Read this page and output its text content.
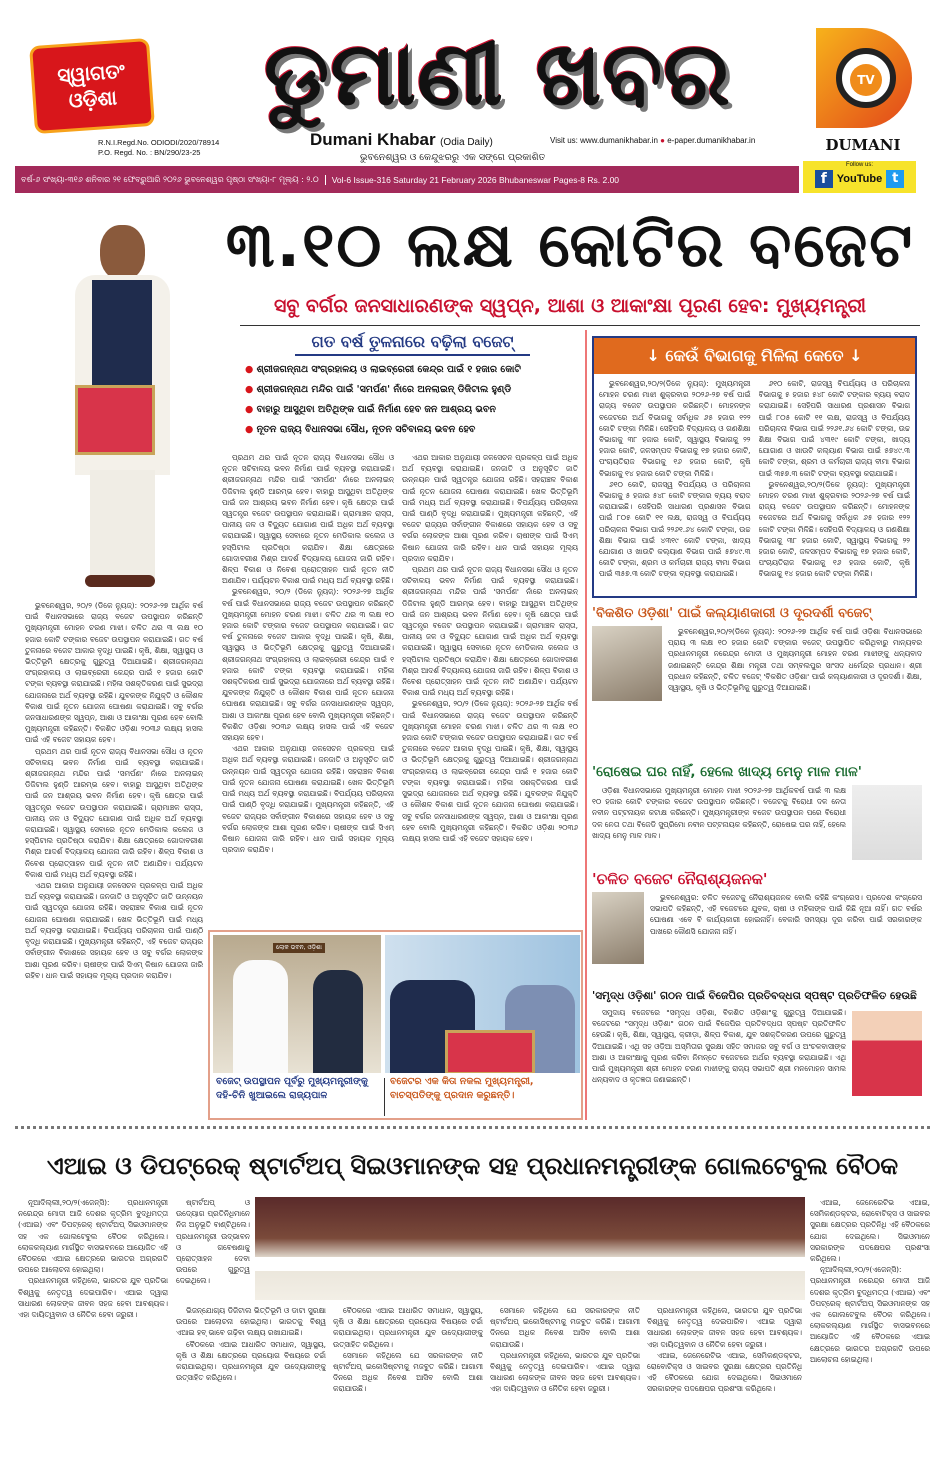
ସ୍ୱାଗତଂ ଓଡ଼ିଶା ଡୁମାଣୀ ଖବର
R.N.I.Regd.No. ODIODI/2020/78914
P.O. Regd. No. : BN/290/23-25
Dumani Khabar (Odia Daily)	Visit us: www.dumanikhabar.in ● e-paper.dumanikhabar.in
ଭୁବନେଶ୍ୱର ଓ କେନ୍ଦୁଝରରୁ ଏକ ସଙ୍ଗେ ପ୍ରକାଶିତ
TV
DUMANI
ବର୍ଷ-୬ ସଂଖ୍ୟା-୩୧୬ ଶନିବାର ୨୧ ଫେବ୍ରୁଆରି ୨୦୨୬ ଭୁବନେଶ୍ୱର ପୃଷ୍ଠା ସଂଖ୍ୟା-୮ ମୂଲ୍ୟ : ୨.୦	Vol-6 Issue-316 Saturday 21 February 2026 Bhubaneswar Pages-8 Rs. 2.00
Follow us:
f YouTube t
୩.୧୦ ଲକ୍ଷ କୋଟିର ବଜେଟ
ସବୁ ବର୍ଗର ଜନସାଧାରଣଙ୍କ ସ୍ୱପ୍ନ, ଆଶା ଓ ଆକାଂକ୍ଷା ପୂରଣ ହେବ: ମୁଖ୍ୟମନ୍ତ୍ରୀ
ଗତ ବର୍ଷ ତୁଳନାରେ ବଢ଼ିଲା ବଜେଟ୍
● ଶ୍ରୀଜଗନ୍ନାଥ ସଂଗ୍ରହାଳୟ ଓ ଲାଇବ୍ରେରୀ କେନ୍ଦ୍ର ପାଇଁ ୧ ହଜାର କୋଟି
● ଶ୍ରୀଜଗନ୍ନାଥ ମନ୍ଦିର ପାଇଁ 'ସମର୍ପଣ' ନାଁରେ ଅନଲାଇନ୍ ଡିଜିଟାଲ ହୁଣ୍ଡି
● ବାହାରୁ ଆସୁଥିବା ଅତିଥିଙ୍କ ପାଇଁ ନିର୍ମାଣ ହେବ ଜନ ଆଶ୍ରୟ ଭବନ
● ନୂତନ ରାଜ୍ୟ ବିଧାନସଭା ସୌଧ, ନୂତନ ସଚିବାଳୟ ଭବନ ହେବ

ଭୁବନେଶ୍ୱର, ୨୦/୨ (ଡିକେ ନ୍ୟୁଜ୍): ୨୦୨୬-୨୭ ଆର୍ଥିକ ବର୍ଷ ପାଇଁ ବିଧାନସଭାରେ ରାଜ୍ୟ ବଜେଟ ଉପସ୍ଥାପନ କରିଛନ୍ତି ମୁଖ୍ୟମନ୍ତ୍ରୀ ମୋହନ ଚରଣ ମାଝୀ। ଚଳିତ ଥର ୩ ଲକ୍ଷ ୧୦ ହଜାର କୋଟି ଟଙ୍କାର ବଜେଟ ଉପସ୍ଥାପନ କରାଯାଇଛି। ଗତ ବର୍ଷ ତୁଳନାରେ ବଜେଟ ଆକାର ବୃଦ୍ଧି ପାଇଛି। କୃଷି, ଶିକ୍ଷା, ସ୍ୱାସ୍ଥ୍ୟ ଓ ଭିତ୍ତିଭୂମି କ୍ଷେତ୍ରକୁ ଗୁରୁତ୍ୱ ଦିଆଯାଇଛି। ଶ୍ରୀଜଗନ୍ନାଥ ସଂଗ୍ରହାଳୟ ଓ ଲାଇବ୍ରେରୀ କେନ୍ଦ୍ର ପାଇଁ ୧ ହଜାର କୋଟି ଟଙ୍କା ବ୍ୟବସ୍ଥା କରାଯାଇଛି। ମହିଳା ସଶକ୍ତିକରଣ ପାଇଁ ସୁଭଦ୍ରା ଯୋଜନାରେ ଅର୍ଥ ବ୍ୟବସ୍ଥା ରହିଛି। ଯୁବକଙ୍କ ନିଯୁକ୍ତି ଓ କୌଶଳ ବିକାଶ ପାଇଁ ନୂତନ ଯୋଜନା ଘୋଷଣା କରାଯାଇଛି। ସବୁ ବର୍ଗର ଜନସାଧାରଣଙ୍କ ସ୍ୱପ୍ନ, ଆଶା ଓ ଆକାଂକ୍ଷା ପୂରଣ ହେବ ବୋଲି ମୁଖ୍ୟମନ୍ତ୍ରୀ କହିଛନ୍ତି। ବିକଶିତ ଓଡ଼ିଶା ୨୦୩୬ ଲକ୍ଷ୍ୟ ହାସଲ ପାଇଁ ଏହି ବଜେଟ ସହାୟକ ହେବ।

ପ୍ରଥମ ଥର ପାଇଁ ନୂତନ ରାଜ୍ୟ ବିଧାନସଭା ସୌଧ ଓ ନୂତନ ସଚିବାଳୟ ଭବନ ନିର୍ମାଣ ପାଇଁ ବ୍ୟବସ୍ଥା କରାଯାଇଛି। ଶ୍ରୀଜଗନ୍ନାଥ ମନ୍ଦିର ପାଇଁ 'ସମର୍ପଣ' ନାଁରେ ଅନଲାଇନ୍ ଡିଜିଟାଲ ହୁଣ୍ଡି ଆରମ୍ଭ ହେବ। ବାହାରୁ ଆସୁଥିବା ଅତିଥିଙ୍କ ପାଇଁ ଜନ ଆଶ୍ରୟ ଭବନ ନିର୍ମାଣ ହେବ। କୃଷି କ୍ଷେତ୍ର ପାଇଁ ସ୍ୱତନ୍ତ୍ର ବଜେଟ ଉପସ୍ଥାପନ କରାଯାଇଛି। ଗ୍ରାମାଞ୍ଚଳ ରାସ୍ତା, ପାନୀୟ ଜଳ ଓ ବିଦ୍ୟୁତ ଯୋଗାଣ ପାଇଁ ଅଧିକ ଅର୍ଥ ବ୍ୟବସ୍ଥା କରାଯାଇଛି। ସ୍ୱାସ୍ଥ୍ୟ ସେବାରେ ନୂତନ ମେଡିକାଲ କଲେଜ ଓ ହସ୍ପିଟାଲ ପ୍ରତିଷ୍ଠା କରାଯିବ। ଶିକ୍ଷା କ୍ଷେତ୍ରରେ ଗୋଦାବରୀଶ ମିଶ୍ର ଆଦର୍ଶ ବିଦ୍ୟାଳୟ ଯୋଜନା ଜାରି ରହିବ। ଶିଳ୍ପ ବିକାଶ ଓ ନିବେଶ ପ୍ରୋତ୍ସାହନ ପାଇଁ ନୂତନ ନୀତି ଅଣାଯିବ। ପର୍ଯ୍ୟଟନ ବିକାଶ ପାଇଁ ମଧ୍ୟ ଅର୍ଥ ବ୍ୟବସ୍ଥା ରହିଛି।

ଏଥର ଆକାର ଅନୁଯାୟୀ ଜଳସେଚନ ପ୍ରକଳ୍ପ ପାଇଁ ଅଧିକ ଅର୍ଥ ବ୍ୟବସ୍ଥା କରାଯାଇଛି। ଜନଜାତି ଓ ଅନୁସୂଚିତ ଜାତି ଉନ୍ନୟନ ପାଇଁ ସ୍ୱତନ୍ତ୍ର ଯୋଜନା ରହିଛି। ସହରାଞ୍ଚଳ ବିକାଶ ପାଇଁ ନୂତନ ଯୋଜନା ଘୋଷଣା କରାଯାଇଛି। ଖେଳ ଭିତ୍ତିଭୂମି ପାଇଁ ମଧ୍ୟ ଅର୍ଥ ବ୍ୟବସ୍ଥା କରାଯାଇଛି। ବିପର୍ଯ୍ୟୟ ପରିଚାଳନା ପାଇଁ ପାଣ୍ଠି ବୃଦ୍ଧି କରାଯାଇଛି। ମୁଖ୍ୟମନ୍ତ୍ରୀ କହିଛନ୍ତି, ଏହି ବଜେଟ ରାଜ୍ୟର ସର୍ବାଙ୍ଗୀନ ବିକାଶରେ ସହାୟକ ହେବ ଓ ସବୁ ବର୍ଗର ଲୋକଙ୍କ ଆଶା ପୂରଣ କରିବ। ଚାଷୀଙ୍କ ପାଇଁ ସିଏମ୍ କିଷାନ ଯୋଜନା ଜାରି ରହିବ। ଧାନ ପାଇଁ ସହାୟକ ମୂଲ୍ୟ ପ୍ରଦାନ କରାଯିବ।

ପ୍ରଥମ ଥର ପାଇଁ ନୂତନ ରାଜ୍ୟ ବିଧାନସଭା ସୌଧ ଓ ନୂତନ ସଚିବାଳୟ ଭବନ ନିର୍ମାଣ ପାଇଁ ବ୍ୟବସ୍ଥା କରାଯାଇଛି। ଶ୍ରୀଜଗନ୍ନାଥ ମନ୍ଦିର ପାଇଁ 'ସମର୍ପଣ' ନାଁରେ ଅନଲାଇନ୍ ଡିଜିଟାଲ ହୁଣ୍ଡି ଆରମ୍ଭ ହେବ। ବାହାରୁ ଆସୁଥିବା ଅତିଥିଙ୍କ ପାଇଁ ଜନ ଆଶ୍ରୟ ଭବନ ନିର୍ମାଣ ହେବ। କୃଷି କ୍ଷେତ୍ର ପାଇଁ ସ୍ୱତନ୍ତ୍ର ବଜେଟ ଉପସ୍ଥାପନ କରାଯାଇଛି। ଗ୍ରାମାଞ୍ଚଳ ରାସ୍ତା, ପାନୀୟ ଜଳ ଓ ବିଦ୍ୟୁତ ଯୋଗାଣ ପାଇଁ ଅଧିକ ଅର୍ଥ ବ୍ୟବସ୍ଥା କରାଯାଇଛି। ସ୍ୱାସ୍ଥ୍ୟ ସେବାରେ ନୂତନ ମେଡିକାଲ କଲେଜ ଓ ହସ୍ପିଟାଲ ପ୍ରତିଷ୍ଠା କରାଯିବ। ଶିକ୍ଷା କ୍ଷେତ୍ରରେ ଗୋଦାବରୀଶ ମିଶ୍ର ଆଦର୍ଶ ବିଦ୍ୟାଳୟ ଯୋଜନା ଜାରି ରହିବ। ଶିଳ୍ପ ବିକାଶ ଓ ନିବେଶ ପ୍ରୋତ୍ସାହନ ପାଇଁ ନୂତନ ନୀତି ଅଣାଯିବ। ପର୍ଯ୍ୟଟନ ବିକାଶ ପାଇଁ ମଧ୍ୟ ଅର୍ଥ ବ୍ୟବସ୍ଥା ରହିଛି।

ଭୁବନେଶ୍ୱର, ୨୦/୨ (ଡିକେ ନ୍ୟୁଜ୍): ୨୦୨୬-୨୭ ଆର୍ଥିକ ବର୍ଷ ପାଇଁ ବିଧାନସଭାରେ ରାଜ୍ୟ ବଜେଟ ଉପସ୍ଥାପନ କରିଛନ୍ତି ମୁଖ୍ୟମନ୍ତ୍ରୀ ମୋହନ ଚରଣ ମାଝୀ। ଚଳିତ ଥର ୩ ଲକ୍ଷ ୧୦ ହଜାର କୋଟି ଟଙ୍କାର ବଜେଟ ଉପସ୍ଥାପନ କରାଯାଇଛି। ଗତ ବର୍ଷ ତୁଳନାରେ ବଜେଟ ଆକାର ବୃଦ୍ଧି ପାଇଛି। କୃଷି, ଶିକ୍ଷା, ସ୍ୱାସ୍ଥ୍ୟ ଓ ଭିତ୍ତିଭୂମି କ୍ଷେତ୍ରକୁ ଗୁରୁତ୍ୱ ଦିଆଯାଇଛି। ଶ୍ରୀଜଗନ୍ନାଥ ସଂଗ୍ରହାଳୟ ଓ ଲାଇବ୍ରେରୀ କେନ୍ଦ୍ର ପାଇଁ ୧ ହଜାର କୋଟି ଟଙ୍କା ବ୍ୟବସ୍ଥା କରାଯାଇଛି। ମହିଳା ସଶକ୍ତିକରଣ ପାଇଁ ସୁଭଦ୍ରା ଯୋଜନାରେ ଅର୍ଥ ବ୍ୟବସ୍ଥା ରହିଛି। ଯୁବକଙ୍କ ନିଯୁକ୍ତି ଓ କୌଶଳ ବିକାଶ ପାଇଁ ନୂତନ ଯୋଜନା ଘୋଷଣା କରାଯାଇଛି। ସବୁ ବର୍ଗର ଜନସାଧାରଣଙ୍କ ସ୍ୱପ୍ନ, ଆଶା ଓ ଆକାଂକ୍ଷା ପୂରଣ ହେବ ବୋଲି ମୁଖ୍ୟମନ୍ତ୍ରୀ କହିଛନ୍ତି। ବିକଶିତ ଓଡ଼ିଶା ୨୦୩୬ ଲକ୍ଷ୍ୟ ହାସଲ ପାଇଁ ଏହି ବଜେଟ ସହାୟକ ହେବ।

ଏଥର ଆକାର ଅନୁଯାୟୀ ଜଳସେଚନ ପ୍ରକଳ୍ପ ପାଇଁ ଅଧିକ ଅର୍ଥ ବ୍ୟବସ୍ଥା କରାଯାଇଛି। ଜନଜାତି ଓ ଅନୁସୂଚିତ ଜାତି ଉନ୍ନୟନ ପାଇଁ ସ୍ୱତନ୍ତ୍ର ଯୋଜନା ରହିଛି। ସହରାଞ୍ଚଳ ବିକାଶ ପାଇଁ ନୂତନ ଯୋଜନା ଘୋଷଣା କରାଯାଇଛି। ଖେଳ ଭିତ୍ତିଭୂମି ପାଇଁ ମଧ୍ୟ ଅର୍ଥ ବ୍ୟବସ୍ଥା କରାଯାଇଛି। ବିପର୍ଯ୍ୟୟ ପରିଚାଳନା ପାଇଁ ପାଣ୍ଠି ବୃଦ୍ଧି କରାଯାଇଛି। ମୁଖ୍ୟମନ୍ତ୍ରୀ କହିଛନ୍ତି, ଏହି ବଜେଟ ରାଜ୍ୟର ସର୍ବାଙ୍ଗୀନ ବିକାଶରେ ସହାୟକ ହେବ ଓ ସବୁ ବର୍ଗର ଲୋକଙ୍କ ଆଶା ପୂରଣ କରିବ। ଚାଷୀଙ୍କ ପାଇଁ ସିଏମ୍ କିଷାନ ଯୋଜନା ଜାରି ରହିବ। ଧାନ ପାଇଁ ସହାୟକ ମୂଲ୍ୟ ପ୍ରଦାନ କରାଯିବ।

ଏଥର ଆକାର ଅନୁଯାୟୀ ଜଳସେଚନ ପ୍ରକଳ୍ପ ପାଇଁ ଅଧିକ ଅର୍ଥ ବ୍ୟବସ୍ଥା କରାଯାଇଛି। ଜନଜାତି ଓ ଅନୁସୂଚିତ ଜାତି ଉନ୍ନୟନ ପାଇଁ ସ୍ୱତନ୍ତ୍ର ଯୋଜନା ରହିଛି। ସହରାଞ୍ଚଳ ବିକାଶ ପାଇଁ ନୂତନ ଯୋଜନା ଘୋଷଣା କରାଯାଇଛି। ଖେଳ ଭିତ୍ତିଭୂମି ପାଇଁ ମଧ୍ୟ ଅର୍ଥ ବ୍ୟବସ୍ଥା କରାଯାଇଛି। ବିପର୍ଯ୍ୟୟ ପରିଚାଳନା ପାଇଁ ପାଣ୍ଠି ବୃଦ୍ଧି କରାଯାଇଛି। ମୁଖ୍ୟମନ୍ତ୍ରୀ କହିଛନ୍ତି, ଏହି ବଜେଟ ରାଜ୍ୟର ସର୍ବାଙ୍ଗୀନ ବିକାଶରେ ସହାୟକ ହେବ ଓ ସବୁ ବର୍ଗର ଲୋକଙ୍କ ଆଶା ପୂରଣ କରିବ। ଚାଷୀଙ୍କ ପାଇଁ ସିଏମ୍ କିଷାନ ଯୋଜନା ଜାରି ରହିବ। ଧାନ ପାଇଁ ସହାୟକ ମୂଲ୍ୟ ପ୍ରଦାନ କରାଯିବ।

ପ୍ରଥମ ଥର ପାଇଁ ନୂତନ ରାଜ୍ୟ ବିଧାନସଭା ସୌଧ ଓ ନୂତନ ସଚିବାଳୟ ଭବନ ନିର୍ମାଣ ପାଇଁ ବ୍ୟବସ୍ଥା କରାଯାଇଛି। ଶ୍ରୀଜଗନ୍ନାଥ ମନ୍ଦିର ପାଇଁ 'ସମର୍ପଣ' ନାଁରେ ଅନଲାଇନ୍ ଡିଜିଟାଲ ହୁଣ୍ଡି ଆରମ୍ଭ ହେବ। ବାହାରୁ ଆସୁଥିବା ଅତିଥିଙ୍କ ପାଇଁ ଜନ ଆଶ୍ରୟ ଭବନ ନିର୍ମାଣ ହେବ। କୃଷି କ୍ଷେତ୍ର ପାଇଁ ସ୍ୱତନ୍ତ୍ର ବଜେଟ ଉପସ୍ଥାପନ କରାଯାଇଛି। ଗ୍ରାମାଞ୍ଚଳ ରାସ୍ତା, ପାନୀୟ ଜଳ ଓ ବିଦ୍ୟୁତ ଯୋଗାଣ ପାଇଁ ଅଧିକ ଅର୍ଥ ବ୍ୟବସ୍ଥା କରାଯାଇଛି। ସ୍ୱାସ୍ଥ୍ୟ ସେବାରେ ନୂତନ ମେଡିକାଲ କଲେଜ ଓ ହସ୍ପିଟାଲ ପ୍ରତିଷ୍ଠା କରାଯିବ। ଶିକ୍ଷା କ୍ଷେତ୍ରରେ ଗୋଦାବରୀଶ ମିଶ୍ର ଆଦର୍ଶ ବିଦ୍ୟାଳୟ ଯୋଜନା ଜାରି ରହିବ। ଶିଳ୍ପ ବିକାଶ ଓ ନିବେଶ ପ୍ରୋତ୍ସାହନ ପାଇଁ ନୂତନ ନୀତି ଅଣାଯିବ। ପର୍ଯ୍ୟଟନ ବିକାଶ ପାଇଁ ମଧ୍ୟ ଅର୍ଥ ବ୍ୟବସ୍ଥା ରହିଛି।

ଭୁବନେଶ୍ୱର, ୨୦/୨ (ଡିକେ ନ୍ୟୁଜ୍): ୨୦୨୬-୨୭ ଆର୍ଥିକ ବର୍ଷ ପାଇଁ ବିଧାନସଭାରେ ରାଜ୍ୟ ବଜେଟ ଉପସ୍ଥାପନ କରିଛନ୍ତି ମୁଖ୍ୟମନ୍ତ୍ରୀ ମୋହନ ଚରଣ ମାଝୀ। ଚଳିତ ଥର ୩ ଲକ୍ଷ ୧୦ ହଜାର କୋଟି ଟଙ୍କାର ବଜେଟ ଉପସ୍ଥାପନ କରାଯାଇଛି। ଗତ ବର୍ଷ ତୁଳନାରେ ବଜେଟ ଆକାର ବୃଦ୍ଧି ପାଇଛି। କୃଷି, ଶିକ୍ଷା, ସ୍ୱାସ୍ଥ୍ୟ ଓ ଭିତ୍ତିଭୂମି କ୍ଷେତ୍ରକୁ ଗୁରୁତ୍ୱ ଦିଆଯାଇଛି। ଶ୍ରୀଜଗନ୍ନାଥ ସଂଗ୍ରହାଳୟ ଓ ଲାଇବ୍ରେରୀ କେନ୍ଦ୍ର ପାଇଁ ୧ ହଜାର କୋଟି ଟଙ୍କା ବ୍ୟବସ୍ଥା କରାଯାଇଛି। ମହିଳା ସଶକ୍ତିକରଣ ପାଇଁ ସୁଭଦ୍ରା ଯୋଜନାରେ ଅର୍ଥ ବ୍ୟବସ୍ଥା ରହିଛି। ଯୁବକଙ୍କ ନିଯୁକ୍ତି ଓ କୌଶଳ ବିକାଶ ପାଇଁ ନୂତନ ଯୋଜନା ଘୋଷଣା କରାଯାଇଛି। ସବୁ ବର୍ଗର ଜନସାଧାରଣଙ୍କ ସ୍ୱପ୍ନ, ଆଶା ଓ ଆକାଂକ୍ଷା ପୂରଣ ହେବ ବୋଲି ମୁଖ୍ୟମନ୍ତ୍ରୀ କହିଛନ୍ତି। ବିକଶିତ ଓଡ଼ିଶା ୨୦୩୬ ଲକ୍ଷ୍ୟ ହାସଲ ପାଇଁ ଏହି ବଜେଟ ସହାୟକ ହେବ।

↓ କେଉଁ ବିଭାଗକୁ ମିଳିଲା କେତେ ↓

ଭୁବନେଶ୍ୱର,୨୦/୨(ଡିକେ ନ୍ୟୁଜ୍): ମୁଖ୍ୟମନ୍ତ୍ରୀ ମୋହନ ଚରଣ ମାଝୀ ଶୁକ୍ରବାର ୨୦୨୬-୨୭ ବର୍ଷ ପାଇଁ ରାଜ୍ୟ ବଜେଟ ଉପସ୍ଥାପନ କରିଛନ୍ତି। ମୋହନଙ୍କ ବଜେଟରେ ଅର୍ଥ ବିଭାଗକୁ ସର୍ବାଧିକ ୬୫ ହଜାର ୧୨୨ କୋଟି ଟଙ୍କା ମିଳିଛି। ସେହିପରି ବିଦ୍ୟାଳୟ ଓ ଗଣଶିକ୍ଷା ବିଭାଗକୁ ୩୮ ହଜାର କୋଟି, ସ୍ୱାସ୍ଥ୍ୟ ବିଭାଗକୁ ୨୨ ହଜାର କୋଟି, ଜଳସମ୍ପଦ ବିଭାଗକୁ ୧୭ ହଜାର କୋଟି, ପଂଚାୟତିରାଜ ବିଭାଗକୁ ୧୬ ହଜାର କୋଟି, କୃଷି ବିଭାଗକୁ ୧୪ ହଜାର କୋଟି ଟଙ୍କା ମିଳିଛି।

୬୧୦ କୋଟି, ରାଜସ୍ୱ ବିପର୍ଯ୍ୟୟ ଓ ପରିଚାଳନା ବିଭାଗକୁ ୫ ହଜାର ୫୪୮ କୋଟି ଟଙ୍କାର ବ୍ୟୟ ବରାଦ କରାଯାଇଛି। ସେହିପରି ସାଧାରଣ ପ୍ରଶାସନ ବିଭାଗ ପାଇଁ ୮୦୫ କୋଟି ୧୧ ଲକ୍ଷ, ରାଜସ୍ୱ ଓ ବିପର୍ଯ୍ୟୟ ପରିଚାଳନା ବିଭାଗ ପାଇଁ ୨୨୬୧.୬୪ କୋଟି ଟଙ୍କା, ଉଚ୍ଚ ଶିକ୍ଷା ବିଭାଗ ପାଇଁ ୪୩୧୯ କୋଟି ଟଙ୍କା, ଖାଦ୍ୟ ଯୋଗାଣ ଓ ଖାଉଟି କଲ୍ୟାଣ ବିଭାଗ ପାଇଁ ୫୭୪୯.୩ କୋଟି ଟଙ୍କା, ଶ୍ରମ ଓ କର୍ମଚାରୀ ରାଜ୍ୟ ବୀମା ବିଭାଗ ପାଇଁ ୩୫୭.୩ କୋଟି ଟଙ୍କା ବ୍ୟବସ୍ଥା କରାଯାଇଛି।

୬୧୦ କୋଟି, ରାଜସ୍ୱ ବିପର୍ଯ୍ୟୟ ଓ ପରିଚାଳନା ବିଭାଗକୁ ୫ ହଜାର ୫୪୮ କୋଟି ଟଙ୍କାର ବ୍ୟୟ ବରାଦ କରାଯାଇଛି। ସେହିପରି ସାଧାରଣ ପ୍ରଶାସନ ବିଭାଗ ପାଇଁ ୮୦୫ କୋଟି ୧୧ ଲକ୍ଷ, ରାଜସ୍ୱ ଓ ବିପର୍ଯ୍ୟୟ ପରିଚାଳନା ବିଭାଗ ପାଇଁ ୨୨୬୧.୬୪ କୋଟି ଟଙ୍କା, ଉଚ୍ଚ ଶିକ୍ଷା ବିଭାଗ ପାଇଁ ୪୩୧୯ କୋଟି ଟଙ୍କା, ଖାଦ୍ୟ ଯୋଗାଣ ଓ ଖାଉଟି କଲ୍ୟାଣ ବିଭାଗ ପାଇଁ ୫୭୪୯.୩ କୋଟି ଟଙ୍କା, ଶ୍ରମ ଓ କର୍ମଚାରୀ ରାଜ୍ୟ ବୀମା ବିଭାଗ ପାଇଁ ୩୫୭.୩ କୋଟି ଟଙ୍କା ବ୍ୟବସ୍ଥା କରାଯାଇଛି।

ଭୁବନେଶ୍ୱର,୨୦/୨(ଡିକେ ନ୍ୟୁଜ୍): ମୁଖ୍ୟମନ୍ତ୍ରୀ ମୋହନ ଚରଣ ମାଝୀ ଶୁକ୍ରବାର ୨୦୨୬-୨୭ ବର୍ଷ ପାଇଁ ରାଜ୍ୟ ବଜେଟ ଉପସ୍ଥାପନ କରିଛନ୍ତି। ମୋହନଙ୍କ ବଜେଟରେ ଅର୍ଥ ବିଭାଗକୁ ସର୍ବାଧିକ ୬୫ ହଜାର ୧୨୨ କୋଟି ଟଙ୍କା ମିଳିଛି। ସେହିପରି ବିଦ୍ୟାଳୟ ଓ ଗଣଶିକ୍ଷା ବିଭାଗକୁ ୩୮ ହଜାର କୋଟି, ସ୍ୱାସ୍ଥ୍ୟ ବିଭାଗକୁ ୨୨ ହଜାର କୋଟି, ଜଳସମ୍ପଦ ବିଭାଗକୁ ୧୭ ହଜାର କୋଟି, ପଂଚାୟତିରାଜ ବିଭାଗକୁ ୧୬ ହଜାର କୋଟି, କୃଷି ବିଭାଗକୁ ୧୪ ହଜାର କୋଟି ଟଙ୍କା ମିଳିଛି।

'ବିକଶିତ ଓଡ଼ିଶା' ପାଇଁ କଲ୍ୟାଣକାରୀ ଓ ଦୂରଦର୍ଶୀ ବଜେଟ୍

ଭୁବନେଶ୍ୱର,୨୦/୨(ଡିକେ ନ୍ୟୁଜ୍): ୨୦୨୬-୨୭ ଆର୍ଥିକ ବର୍ଷ ପାଇଁ ଓଡ଼ିଶା ବିଧାନସଭାରେ ପ୍ରାୟ ୩ ଲକ୍ଷ ୧୦ ହଜାର କୋଟି ଟଙ୍କାର ବଜେଟ୍ ଉପସ୍ଥାପିତ କରିଥିବାରୁ ମାନ୍ୟବର ପ୍ରଧାନମନ୍ତ୍ରୀ ନରେନ୍ଦ୍ର ମୋଦୀ ଓ ମୁଖ୍ୟମନ୍ତ୍ରୀ ମୋହନ ଚରଣ ମାଝୀଙ୍କୁ ଧନ୍ୟବାଦ ଜଣାଇଛନ୍ତି କେନ୍ଦ୍ର ଶିକ୍ଷା ମନ୍ତ୍ରୀ ତଥା ସମ୍ବଲପୁର ସାଂସଦ ଧର୍ମେନ୍ଦ୍ର ପ୍ରଧାନ। ଶ୍ରୀ ପ୍ରଧାନ କହିଛନ୍ତି, ଚଳିତ ବଜେଟ୍ 'ବିକଶିତ ଓଡ଼ିଶା' ପାଇଁ କଲ୍ୟାଣକାରୀ ଓ ଦୂରଦର୍ଶୀ। ଶିକ୍ଷା, ସ୍ୱାସ୍ଥ୍ୟ, କୃଷି ଓ ଭିତ୍ତିଭୂମିକୁ ଗୁରୁତ୍ୱ ଦିଆଯାଇଛି।

'ରୋଷେଇ ଘର ନାହିଁ, ହେଲେ ଖାଦ୍ୟ ମେନୁ ମାଳ ମାଳ'

ଓଡ଼ିଶା ବିଧାନସଭାରେ ମୁଖ୍ୟମନ୍ତ୍ରୀ ମୋହନ ମାଝୀ ୨୦୨୬-୨୭ ଆର୍ଥିକବର୍ଷ ପାଇଁ ୩ ଲକ୍ଷ ୧୦ ହଜାର କୋଟି ଟଙ୍କାର ବଜେଟ ଉପସ୍ଥାପନ କରିଛନ୍ତି। ବଜେଟକୁ ବିରୋଧୀ ଦଳ ନେତା ନବୀନ ପଟ୍ଟନାୟକ କଟାକ୍ଷ କରିଛନ୍ତି। ମୁଖ୍ୟମନ୍ତ୍ରୀଙ୍କ ବଜେଟ ଉପସ୍ଥାପନ ପରେ ବିରୋଧୀ ଦଳ ନେତା ତଥା ବିଜେଡି ସୁପ୍ରିମୋ ନବୀନ ପଟ୍ଟନାୟକ କହିଛନ୍ତି, ରୋଷେଇ ଘର ନାହିଁ, ହେଲେ ଖାଦ୍ୟ ମେନୁ ମାଳ ମାଳ।

'ଚଳିତ ବଜେଟ ନୈରାଶ୍ୟଜନକ'

ଭୁବନେଶ୍ୱର: ଚଳିତ ବଜେଟକୁ ନୈରାଶ୍ୟଜନକ ବୋଲି କହିଛି କଂଗ୍ରେସ। ପ୍ରଦେଶ କଂଗ୍ରେସ ସଭାପତି କହିଛନ୍ତି, ଏହି ବଜେଟରେ ଯୁବକ, ଚାଷୀ ଓ ମହିଳାଙ୍କ ପାଇଁ କିଛି ନୂଆ ନାହିଁ। ଗତ ବର୍ଷର ଘୋଷଣା ଏବେ ବି କାର୍ଯ୍ୟକାରୀ ହୋଇନାହିଁ। ବେକାରି ସମସ୍ୟା ଦୂର କରିବା ପାଇଁ ସରକାରଙ୍କ ପାଖରେ କୌଣସି ଯୋଜନା ନାହିଁ।

'ସମୃଦ୍ଧ ଓଡ଼ିଶା' ଗଠନ ପାଇଁ ବିଜେପିର ପ୍ରତିବଦ୍ଧତା ସ୍ପଷ୍ଟ ପ୍ରତିଫଳିତ ହେଉଛି

ସମୁଦାୟ ବଜେଟରେ "ସମୃଦ୍ଧ ଓଡ଼ିଶା, ବିକଶିତ ଓଡ଼ିଶା"କୁ ଗୁରୁତ୍ୱ ଦିଆଯାଇଛି। ବଜେଟରେ "ସମୃଦ୍ଧ ଓଡ଼ିଶା" ଗଠନ ପାଇଁ ବିଜେପିର ପ୍ରତିବଦ୍ଧତା ସ୍ପଷ୍ଟ ପ୍ରତିଫଳିତ ହେଉଛି। କୃଷି, ଶିକ୍ଷା, ସ୍ୱାସ୍ଥ୍ୟ, କ୍ରୀଡ଼ା, ଶିଳ୍ପ ବିକାଶ, ଯୁବ ସଶକ୍ତିକରଣ ଉପରେ ଗୁରୁତ୍ୱ ଦିଆଯାଇଛି। ଏଥି ସହ ଓଡ଼ିଆ ଅସ୍ମିତାର ସୁରକ୍ଷା ସହିତ ସମାଜର ସବୁ ବର୍ଗ ଓ ଅଂଚଳବାସୀଙ୍କ ଆଶା ଓ ଆକାଂକ୍ଷାକୁ ପୂରଣ କରିବା ନିମନ୍ତେ ବଜେଟରେ ଅର୍ଥର ବ୍ୟବସ୍ଥା କରାଯାଇଛି। ଏଥି ପାଇଁ ମୁଖ୍ୟମନ୍ତ୍ରୀ ଶ୍ରୀ ମୋହନ ଚରଣ ମାଝୀଙ୍କୁ ରାଜ୍ୟ ସଭାପତି ଶ୍ରୀ ମନମୋହନ ସାମଲ ଧନ୍ୟବାଦ ଓ କୃତଜ୍ଞତା ଜଣାଇଛନ୍ତି।

ଲୋକ ଭବନ, ଓଡ଼ିଶା
ବଜେଟ୍ ଉପସ୍ଥାପନ ପୂର୍ବରୁ ମୁଖ୍ୟମନ୍ତ୍ରୀଙ୍କୁ ଦହି-ଚିନି ଖୁଆଇଲେ ରାଜ୍ୟପାଳ
ବଜେଟର ଏକ କିତା ନକଲ ମୁଖ୍ୟମନ୍ତ୍ରୀ, ବାଚସ୍ପତିଙ୍କୁ ପ୍ରଦାନ କରୁଛନ୍ତି।
ଏଆଇ ଓ ଡିପଟ୍ରେକ୍ ଷ୍ଟାର୍ଟଅପ୍ ସିଇଓମାନଙ୍କ ସହ ପ୍ରଧାନମନ୍ତ୍ରୀଙ୍କ ଗୋଲଟେବୁଲ ବୈଠକ

ନୂଆଦିଲ୍ଲୀ,୨୦/୨(ଏଜେନ୍ସି): ପ୍ରଧାନମନ୍ତ୍ରୀ ନରେନ୍ଦ୍ର ମୋଦୀ ଆଜି ଦେଶର କୃତ୍ରିମ ବୁଦ୍ଧିମତ୍ତା (ଏଆଇ) ଏବଂ ଡିପଟ୍ରେକ୍ ଷ୍ଟାର୍ଟଅପ୍ ସିଇଓମାନଙ୍କ ସହ ଏକ ଗୋଲଟେବୁଲ ବୈଠକ କରିଥିଲେ। ଲୋକକଲ୍ୟାଣ ମାର୍ଗସ୍ଥିତ ବାସଭବନରେ ଆୟୋଜିତ ଏହି ବୈଠକରେ ଏଆଇ କ୍ଷେତ୍ରରେ ଭାରତର ଅଗ୍ରଗତି ଉପରେ ଆଲୋଚନା ହୋଇଥିଲା।

ପ୍ରଧାନମନ୍ତ୍ରୀ କହିଥିଲେ, ଭାରତର ଯୁବ ପ୍ରତିଭା ବିଶ୍ୱକୁ ନେତୃତ୍ୱ ଦେଇପାରିବ। ଏଆଇ ଦ୍ୱାରା ସାଧାରଣ ଲୋକଙ୍କ ଜୀବନ ସହଜ ହେବା ଆବଶ୍ୟକ। ଏହା ଦାୟିତ୍ୱବାନ ଓ ନୈତିକ ହେବା ଜରୁରୀ।

ଷ୍ଟାର୍ଟଅପ୍ ଓ ଉଦ୍ୟୋଗ ପ୍ରତିନିଧିମାନେ ନିଜ ଅନୁଭୂତି ବାଣ୍ଟିଥିଲେ। ପ୍ରଧାନମନ୍ତ୍ରୀ ଉଦ୍ଭାବନ ଓ ଗବେଷଣାକୁ ପ୍ରୋତ୍ସାହନ ଦେବା ଉପରେ ଗୁରୁତ୍ୱ ଦେଇଥିଲେ।

ଭିଜନ୍‌ଯୋଗ୍ୟ ଡିଜିଟାଲ ଭିତ୍ତିଭୂମି ଓ ଡାଟା ସୁରକ୍ଷା ଉପରେ ଆଲୋଚନା ହୋଇଥିଲା। ଭାରତକୁ ବିଶ୍ୱ ଏଆଇ ହବ୍ ଭାବେ ଗଢ଼ିବା ଲକ୍ଷ୍ୟ ରଖାଯାଇଛି।

ବୈଠକରେ ଏଆଇ ଆଧାରିତ ସମାଧାନ, ସ୍ୱାସ୍ଥ୍ୟ, କୃଷି ଓ ଶିକ୍ଷା କ୍ଷେତ୍ରରେ ପ୍ରୟୋଗ ବିଷୟରେ ଚର୍ଚ୍ଚା କରାଯାଇଥିଲା। ପ୍ରଧାନମନ୍ତ୍ରୀ ଯୁବ ଉଦ୍ୟୋଗୀଙ୍କୁ ଉତ୍ସାହିତ କରିଥିଲେ।

ବୈଠକରେ ଏଆଇ ଆଧାରିତ ସମାଧାନ, ସ୍ୱାସ୍ଥ୍ୟ, କୃଷି ଓ ଶିକ୍ଷା କ୍ଷେତ୍ରରେ ପ୍ରୟୋଗ ବିଷୟରେ ଚର୍ଚ୍ଚା କରାଯାଇଥିଲା। ପ୍ରଧାନମନ୍ତ୍ରୀ ଯୁବ ଉଦ୍ୟୋଗୀଙ୍କୁ ଉତ୍ସାହିତ କରିଥିଲେ।

ସେମାନେ କହିଥିଲେ ଯେ ସରକାରଙ୍କ ନୀତି ଷ୍ଟାର୍ଟଅପ୍ ଇକୋସିଷ୍ଟମକୁ ମଜବୁତ କରିଛି। ଆଗାମୀ ଦିନରେ ଅଧିକ ନିବେଶ ଆସିବ ବୋଲି ଆଶା କରାଯାଉଛି।

ସେମାନେ କହିଥିଲେ ଯେ ସରକାରଙ୍କ ନୀତି ଷ୍ଟାର୍ଟଅପ୍ ଇକୋସିଷ୍ଟମକୁ ମଜବୁତ କରିଛି। ଆଗାମୀ ଦିନରେ ଅଧିକ ନିବେଶ ଆସିବ ବୋଲି ଆଶା କରାଯାଉଛି।

ପ୍ରଧାନମନ୍ତ୍ରୀ କହିଥିଲେ, ଭାରତର ଯୁବ ପ୍ରତିଭା ବିଶ୍ୱକୁ ନେତୃତ୍ୱ ଦେଇପାରିବ। ଏଆଇ ଦ୍ୱାରା ସାଧାରଣ ଲୋକଙ୍କ ଜୀବନ ସହଜ ହେବା ଆବଶ୍ୟକ। ଏହା ଦାୟିତ୍ୱବାନ ଓ ନୈତିକ ହେବା ଜରୁରୀ।

ପ୍ରଧାନମନ୍ତ୍ରୀ କହିଥିଲେ, ଭାରତର ଯୁବ ପ୍ରତିଭା ବିଶ୍ୱକୁ ନେତୃତ୍ୱ ଦେଇପାରିବ। ଏଆଇ ଦ୍ୱାରା ସାଧାରଣ ଲୋକଙ୍କ ଜୀବନ ସହଜ ହେବା ଆବଶ୍ୟକ। ଏହା ଦାୟିତ୍ୱବାନ ଓ ନୈତିକ ହେବା ଜରୁରୀ।

ଏଆଇ, ଜେନେରେଟିଭ ଏଆଇ, ସେମିକଣ୍ଡକ୍ଟର, ରୋବୋଟିକ୍ସ ଓ ସାଇବର ସୁରକ୍ଷା କ୍ଷେତ୍ରର ପ୍ରତିନିଧି ଏହି ବୈଠକରେ ଯୋଗ ଦେଇଥିଲେ। ସିଇଓମାନେ ସରକାରଙ୍କ ପଦକ୍ଷେପର ପ୍ରଶଂସା କରିଥିଲେ।

ଏଆଇ, ଜେନେରେଟିଭ ଏଆଇ, ସେମିକଣ୍ଡକ୍ଟର, ରୋବୋଟିକ୍ସ ଓ ସାଇବର ସୁରକ୍ଷା କ୍ଷେତ୍ରର ପ୍ରତିନିଧି ଏହି ବୈଠକରେ ଯୋଗ ଦେଇଥିଲେ। ସିଇଓମାନେ ସରକାରଙ୍କ ପଦକ୍ଷେପର ପ୍ରଶଂସା କରିଥିଲେ।

ନୂଆଦିଲ୍ଲୀ,୨୦/୨(ଏଜେନ୍ସି): ପ୍ରଧାନମନ୍ତ୍ରୀ ନରେନ୍ଦ୍ର ମୋଦୀ ଆଜି ଦେଶର କୃତ୍ରିମ ବୁଦ୍ଧିମତ୍ତା (ଏଆଇ) ଏବଂ ଡିପଟ୍ରେକ୍ ଷ୍ଟାର୍ଟଅପ୍ ସିଇଓମାନଙ୍କ ସହ ଏକ ଗୋଲଟେବୁଲ ବୈଠକ କରିଥିଲେ। ଲୋକକଲ୍ୟାଣ ମାର୍ଗସ୍ଥିତ ବାସଭବନରେ ଆୟୋଜିତ ଏହି ବୈଠକରେ ଏଆଇ କ୍ଷେତ୍ରରେ ଭାରତର ଅଗ୍ରଗତି ଉପରେ ଆଲୋଚନା ହୋଇଥିଲା।
